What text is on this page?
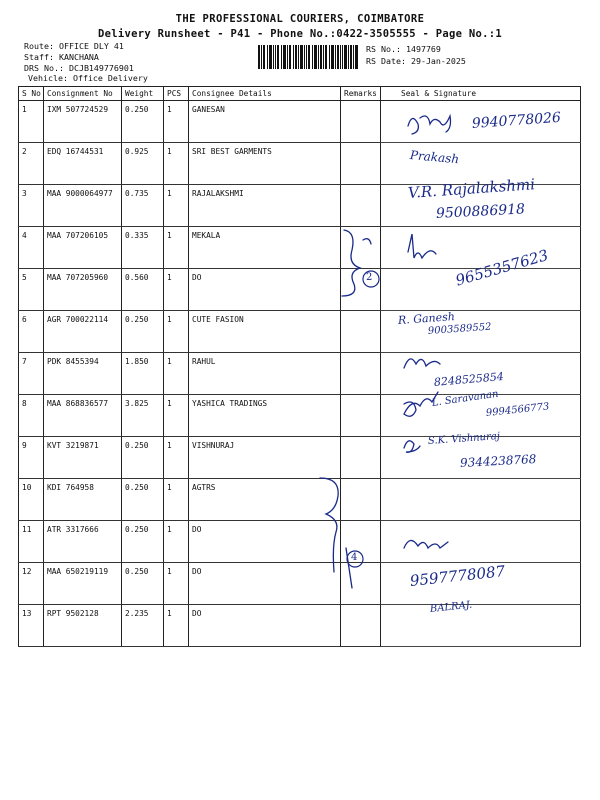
THE PROFESSIONAL COURIERS, COIMBATORE
Delivery Runsheet - P41 - Phone No.:0422-3505555 - Page No.:1
Route: OFFICE DLY 41
Staff: KANCHANA
DRS No.: DCJB149776901
Vehicle: Office Delivery
RS No.: 1497769
RS Date: 29-Jan-2025
S No	Consignment No	Weight	PCS	Consignee Details	Remarks	Seal & Signature
1	IXM 507724529	0.250	1	GANESAN		
2	EDQ 16744531	0.925	1	SRI BEST GARMENTS		
3	MAA 9000064977	0.735	1	RAJALAKSHMI		
4	MAA 707206105	0.335	1	MEKALA		
5	MAA 707205960	0.560	1	DO		
6	AGR 700022114	0.250	1	CUTE FASION		
7	PDK 8455394	1.850	1	RAHUL		
8	MAA 868836577	3.825	1	YASHICA TRADINGS		
9	KVT 3219871	0.250	1	VISHNURAJ		
10	KDI 764958	0.250	1	AGTRS		
11	ATR 3317666	0.250	1	DO		
12	MAA 650219119	0.250	1	DO		
13	RPT 9502128	2.235	1	DO		
9940778026
Prakash
V.R. Rajalakshmi
9500886918
2	9655357623
R. Ganesh
9003589552
8248525854
L. Saravanan
9994566773
S.K. Vishnuraj
9344238768
4
9597778087
BALRAJ.
